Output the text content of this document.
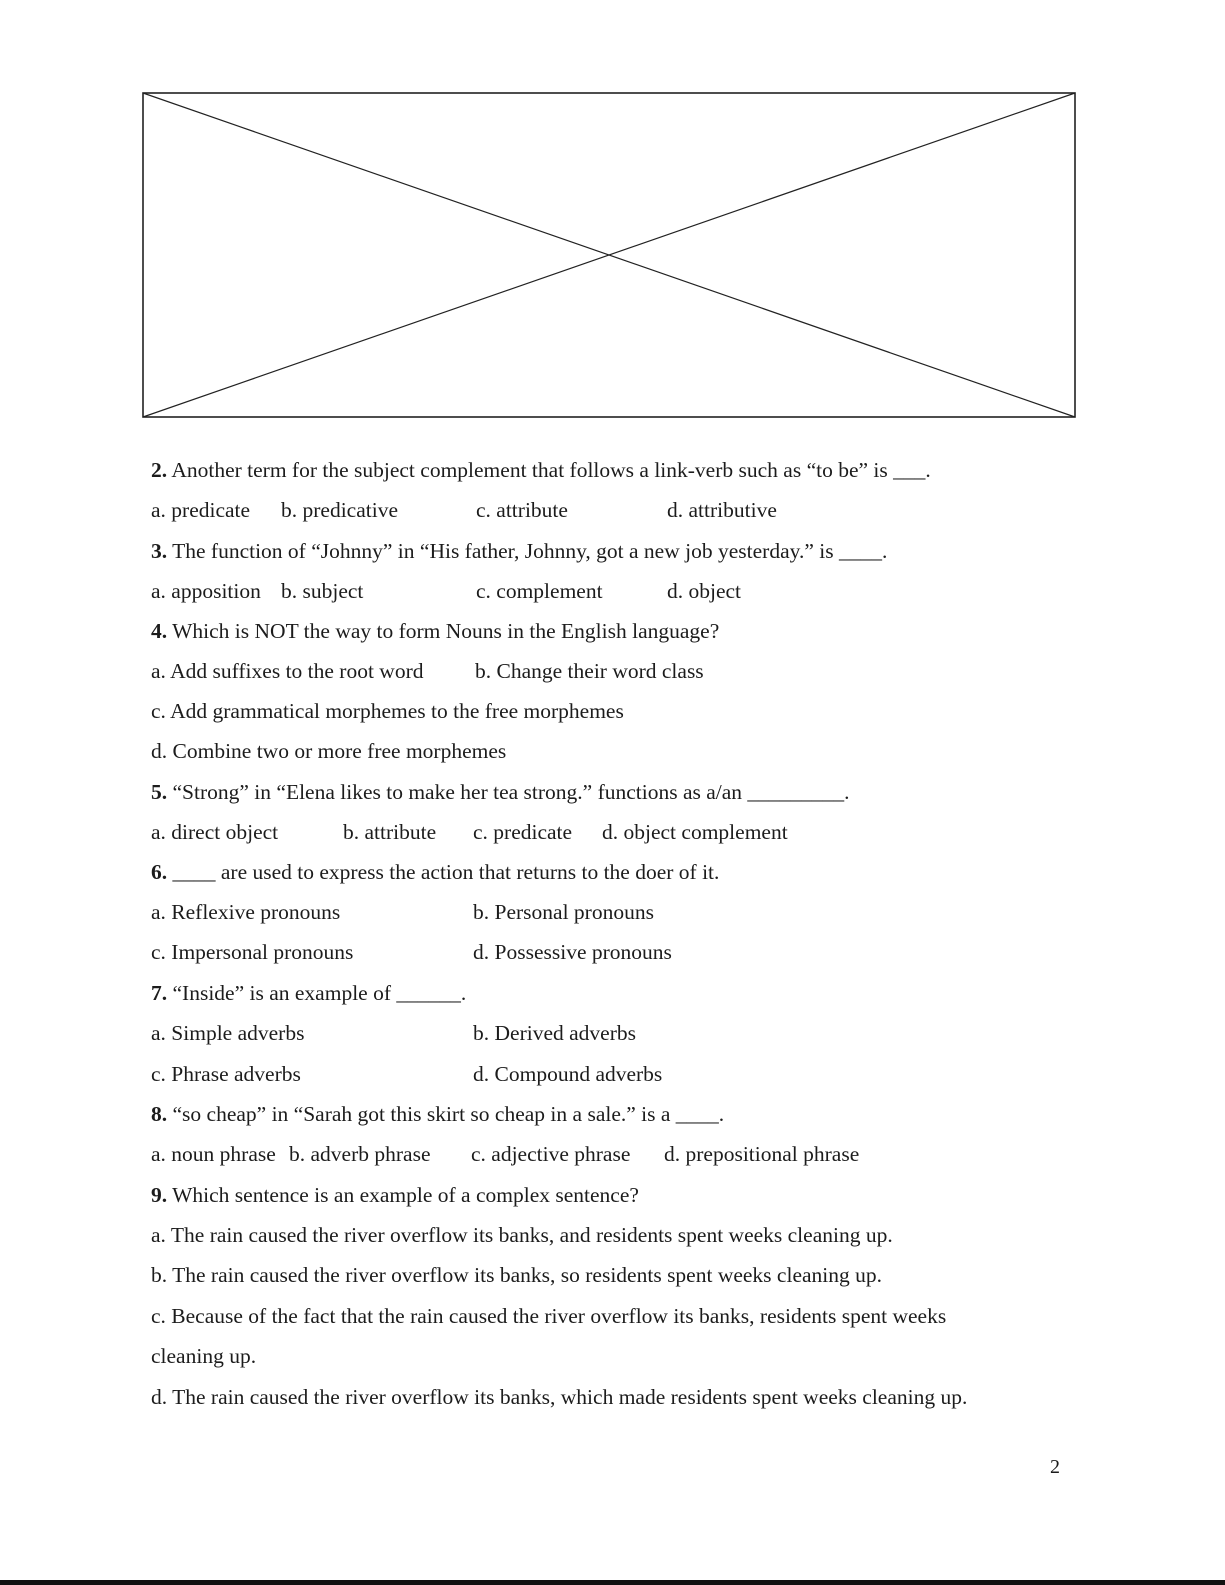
2. Another term for the subject complement that follows a link-verb such as “to be” is ___.
a. predicate b. predicative	c. attribute	d. attributive
3. The function of “Johnny” in “His father, Johnny, got a new job yesterday.” is ____.
a. apposition b. subject	c. complement	d. object
4. Which is NOT the way to form Nouns in the English language?
a. Add suffixes to the root word b. Change their word class
c. Add grammatical morphemes to the free morphemes
d. Combine two or more free morphemes
5. “Strong” in “Elena likes to make her tea strong.” functions as a/an _________.
a. direct object	b. attribute c. predicate d. object complement
6. ____ are used to express the action that returns to the doer of it.
a. Reflexive pronouns	b. Personal pronouns
c. Impersonal pronouns	d. Possessive pronouns
7. “Inside” is an example of ______.
a. Simple adverbs	b. Derived adverbs
c. Phrase adverbs	d. Compound adverbs
8. “so cheap” in “Sarah got this skirt so cheap in a sale.” is a ____.
a. noun phrase b. adverb phrase c. adjective phrase d. prepositional phrase
9. Which sentence is an example of a complex sentence?
a. The rain caused the river overflow its banks, and residents spent weeks cleaning up.
b. The rain caused the river overflow its banks, so residents spent weeks cleaning up.
c. Because of the fact that the rain caused the river overflow its banks, residents spent weeks
cleaning up.
d. The rain caused the river overflow its banks, which made residents spent weeks cleaning up.
2
